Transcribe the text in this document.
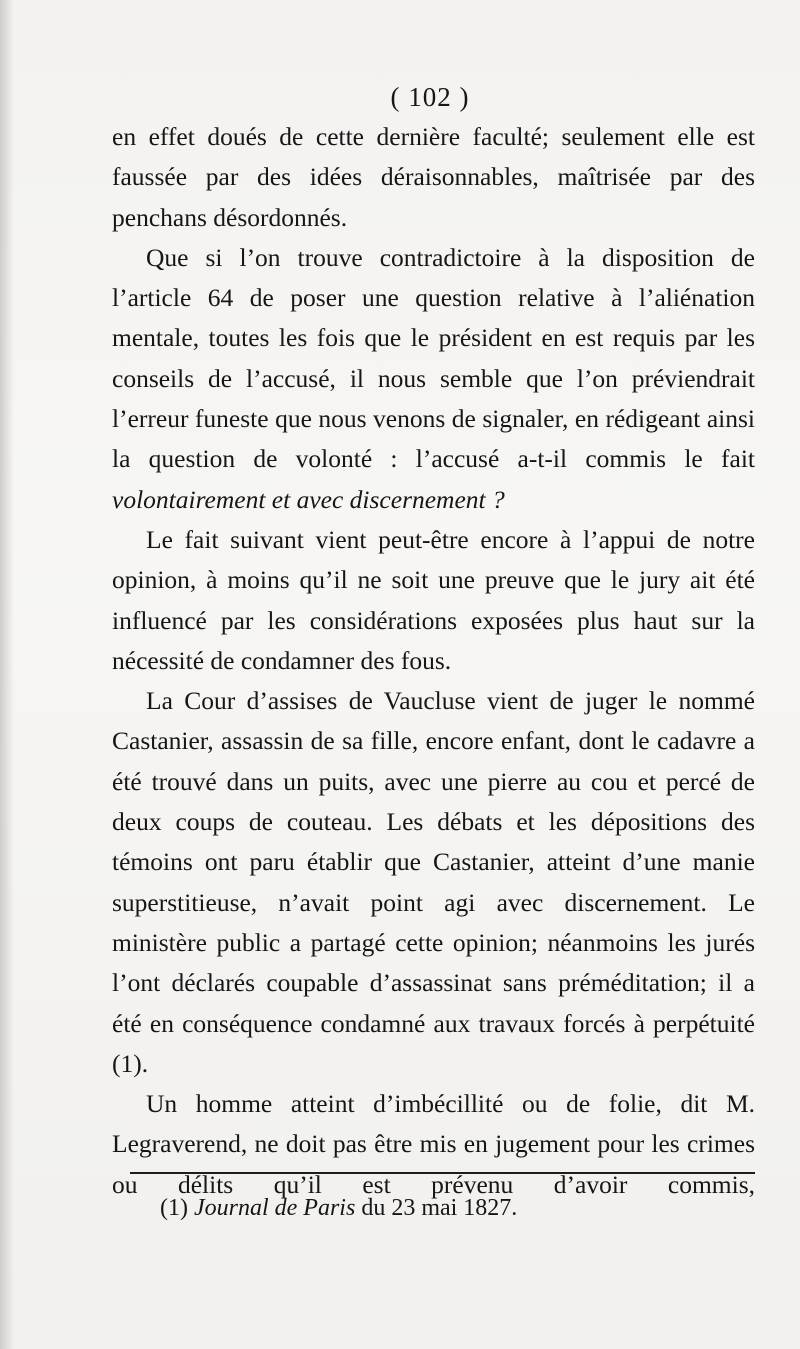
( 102 )

en effet doués de cette dernière faculté; seulement elle est faussée par des idées déraisonnables, maîtrisée par des penchans désordonnés.

Que si l’on trouve contradictoire à la disposition de l’article 64 de poser une question relative à l’aliénation mentale, toutes les fois que le président en est requis par les conseils de l’accusé, il nous semble que l’on préviendrait l’erreur funeste que nous venons de signaler, en rédigeant ainsi la question de volonté : l’accusé a-t-il commis le fait volontairement et avec discernement ?

Le fait suivant vient peut-être encore à l’appui de notre opinion, à moins qu’il ne soit une preuve que le jury ait été influencé par les considérations exposées plus haut sur la nécessité de condamner des fous.

La Cour d’assises de Vaucluse vient de juger le nommé Castanier, assassin de sa fille, encore enfant, dont le cadavre a été trouvé dans un puits, avec une pierre au cou et percé de deux coups de couteau. Les débats et les dépositions des témoins ont paru établir que Castanier, atteint d’une manie superstitieuse, n’avait point agi avec discernement. Le ministère public a partagé cette opinion; néanmoins les jurés l’ont déclarés coupable d’assassinat sans préméditation; il a été en conséquence condamné aux travaux forcés à perpétuité (1).

Un homme atteint d’imbécillité ou de folie, dit M. Legraverend, ne doit pas être mis en jugement pour les crimes ou délits qu’il est prévenu d’avoir commis,

(1) Journal de Paris du 23 mai 1827.
